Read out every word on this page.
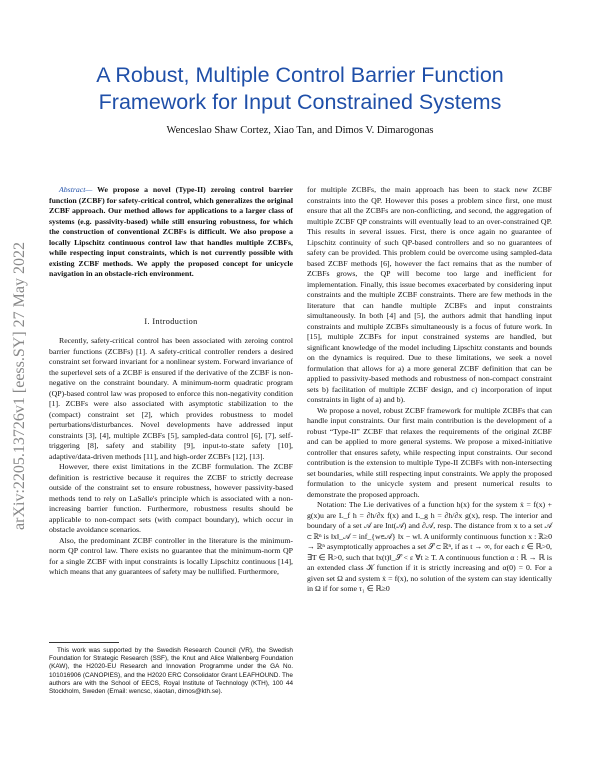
A Robust, Multiple Control Barrier Function
Framework for Input Constrained Systems
Wenceslao Shaw Cortez, Xiao Tan, and Dimos V. Dimarogonas
arXiv:2205.13726v1 [eess.SY] 27 May 2022

Abstract— We propose a novel (Type-II) zeroing control barrier function (ZCBF) for safety-critical control, which generalizes the original ZCBF approach. Our method allows for applications to a larger class of systems (e.g. passivity-based) while still ensuring robustness, for which the construction of conventional ZCBFs is difficult. We also propose a locally Lipschitz continuous control law that handles multiple ZCBFs, while respecting input constraints, which is not currently possible with existing ZCBF methods. We apply the proposed concept for unicycle navigation in an obstacle-rich environment.

I. Introduction

Recently, safety-critical control has been associated with zeroing control barrier functions (ZCBFs) [1]. A safety-critical controller renders a desired constraint set forward invariant for a nonlinear system. Forward invariance of the superlevel sets of a ZCBF is ensured if the derivative of the ZCBF is non-negative on the constraint boundary. A minimum-norm quadratic program (QP)-based control law was proposed to enforce this non-negativity condition [1]. ZCBFs were also associated with asymptotic stabilization to the (compact) constraint set [2], which provides robustness to model perturbations/disturbances. Novel developments have addressed input constraints [3], [4], multiple ZCBFs [5], sampled-data control [6], [7], self-triggering [8], safety and stability [9], input-to-state safety [10], adaptive/data-driven methods [11], and high-order ZCBFs [12], [13].

However, there exist limitations in the ZCBF formulation. The ZCBF definition is restrictive because it requires the ZCBF to strictly decrease outside of the constraint set to ensure robustness, however passivity-based methods tend to rely on LaSalle's principle which is associated with a non-increasing barrier function. Furthermore, robustness results should be applicable to non-compact sets (with compact boundary), which occur in obstacle avoidance scenarios.

Also, the predominant ZCBF controller in the literature is the minimum-norm QP control law. There exists no guarantee that the minimum-norm QP for a single ZCBF with input constraints is locally Lipschitz continuous [14], which means that any guarantees of safety may be nullified. Furthermore,

This work was supported by the Swedish Research Council (VR), the Swedish Foundation for Strategic Research (SSF), the Knut and Alice Wallenberg Foundation (KAW), the H2020-EU Research and Innovation Programme under the GA No. 101016906 (CANOPIES), and the H2020 ERC Consolidator Grant LEAFHOUND. The authors are with the School of EECS, Royal Institute of Technology (KTH), 100 44 Stockholm, Sweden (Email: wencsc, xiaotan, dimos@kth.se).

for multiple ZCBFs, the main approach has been to stack new ZCBF constraints into the QP. However this poses a problem since first, one must ensure that all the ZCBFs are non-conflicting, and second, the aggregation of multiple ZCBF QP constraints will eventually lead to an over-constrained QP. This results in several issues. First, there is once again no guarantee of Lipschitz continuity of such QP-based controllers and so no guarantees of safety can be provided. This problem could be overcome using sampled-data based ZCBF methods [6], however the fact remains that as the number of ZCBFs grows, the QP will become too large and inefficient for implementation. Finally, this issue becomes exacerbated by considering input constraints and the multiple ZCBF constraints. There are few methods in the literature that can handle multiple ZCBFs and input constraints simultaneously. In both [4] and [5], the authors admit that handling input constraints and multiple ZCBFs simultaneously is a focus of future work. In [15], multiple ZCBFs for input constrained systems are handled, but significant knowledge of the model including Lipschitz constants and bounds on the dynamics is required. Due to these limitations, we seek a novel formulation that allows for a) a more general ZCBF definition that can be applied to passivity-based methods and robustness of non-compact constraint sets b) facilitation of multiple ZCBF design, and c) incorporation of input constraints in light of a) and b).

We propose a novel, robust ZCBF framework for multiple ZCBFs that can handle input constraints. Our first main contribution is the development of a robust “Type-II” ZCBF that relaxes the requirements of the original ZCBF and can be applied to more general systems. We propose a mixed-initiative controller that ensures safety, while respecting input constraints. Our second contribution is the extension to multiple Type-II ZCBFs with non-intersecting set boundaries, while still respecting input constraints. We apply the proposed formulation to the unicycle system and present numerical results to demonstrate the proposed approach.

Notation: The Lie derivatives of a function h(x) for the system ẋ = f(x) + g(x)u are L_f h = ∂h/∂x f(x) and L_g h = ∂h/∂x g(x), resp. The interior and boundary of a set 𝒜 are Int(𝒜) and ∂𝒜, resp. The distance from x to a set 𝒜 ⊂ ℝⁿ is ‖x‖_𝒜 = inf_{w∈𝒜} ‖x − w‖. A uniformly continuous function x : ℝ≥0 → ℝⁿ asymptotically approaches a set 𝒮 ⊂ ℝⁿ, if as t → ∞, for each ε ∈ ℝ>0, ∃T ∈ ℝ>0, such that ‖x(t)‖_𝒮 < ε ∀t ≥ T. A continuous function α : ℝ → ℝ is an extended class 𝒦 function if it is strictly increasing and α(0) = 0. For a given set Ω and system ẋ = f(x), no solution of the system can stay identically in Ω if for some τ₁ ∈ ℝ≥0
